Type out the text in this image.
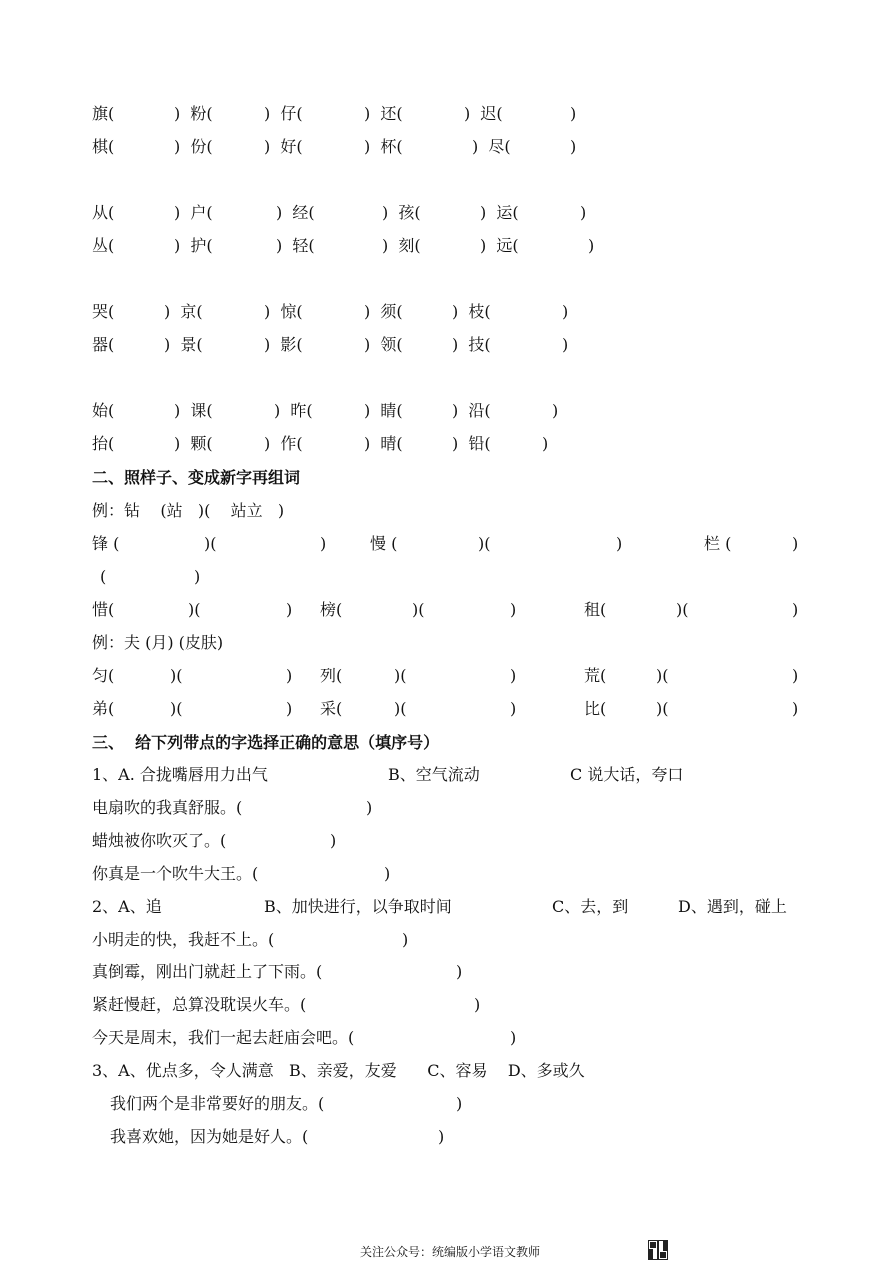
旗(	)  粉(	)  仔(	)  还(	)  迟(	)
棋(	)  份(	)  好(	)  杯(	)  尽(	)
从(	)  户(	)  经(	)  孩(	)  运(	)
丛(	)  护(	)  轻(	)  刻(	)  远(	)
哭(	)  京(	)  惊(	)  须(	)  枝(	)
器(	)  景(	)  影(	)  领(	)  技(	)
始(	)  课(	)  昨(	)  睛(	)  沿(	)
抬(	)  颗(	)  作(	)  晴(	)  铅(	)
二、照样子、变成新字再组词
例：钻    (站   )(    站立   )
锋 (	)(	)	慢 (	)(	)	栏 (	)
(	)
惜(	)(	) 榜(	)(	)	租(	)(	)
例：夫 (月) (皮肤)
匀(	)(	) 列(	)(	)	荒(	)(	)
弟(	)(	) 采(	)(	)	比(	)(	)
三、  给下列带点的字选择正确的意思（填序号）
1、A. 合拢嘴唇用力出气	B、空气流动	C 说大话，夸口
电扇吹的我真舒服。(	)
蜡烛被你吹灭了。(	)
你真是一个吹牛大王。(	)
2、A、追	B、加快进行，以争取时间	C、去，到	D、遇到，碰上
小明走的快，我赶不上。(	)
真倒霉，刚出门就赶上了下雨。(	)
紧赶慢赶，总算没耽误火车。(	)
今天是周末，我们一起去赶庙会吧。(	)
3、A、优点多，令人满意   B、亲爱，友爱      C、容易    D、多或久
我们两个是非常要好的朋友。(	)
我喜欢她，因为她是好人。(	)
关注公众号：统编版小学语文教师
